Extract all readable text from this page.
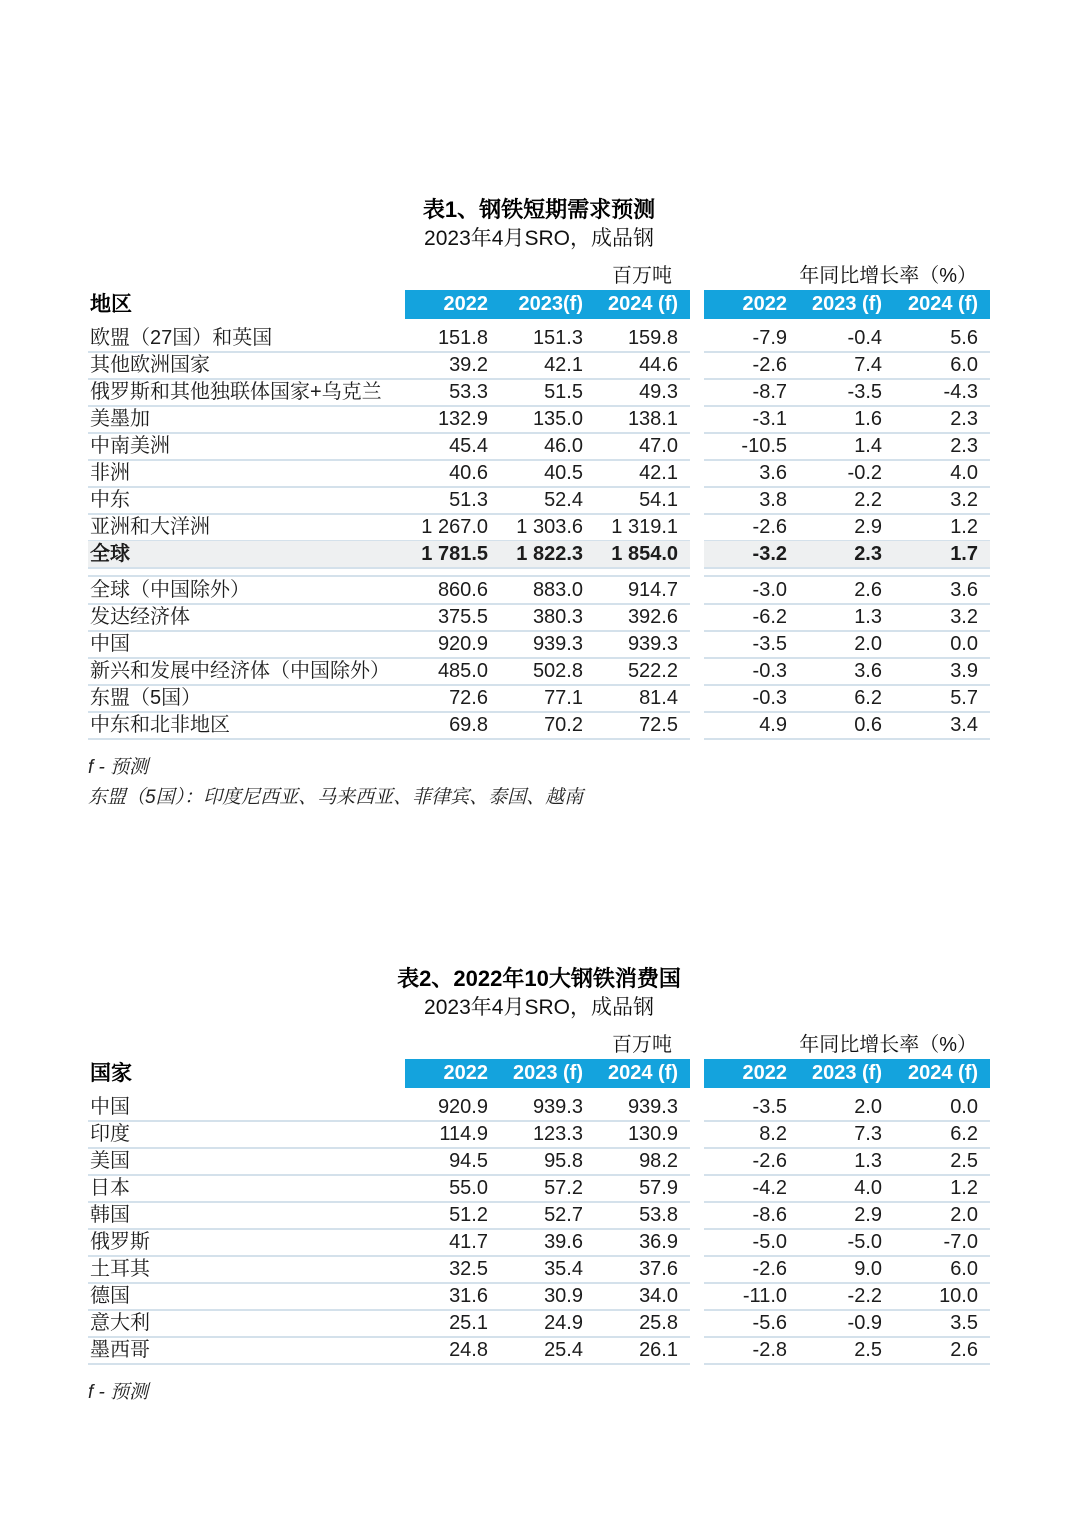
表1、钢铁短期需求预测
2023年4月SRO，成品钢
百万吨	年同比增长率（%）
地区	2022	2023(f)	2024 (f)	2022	2023 (f)	2024 (f)
欧盟（27国）和英国	151.8	151.3	159.8	-7.9	-0.4	5.6
其他欧洲国家	39.2	42.1	44.6	-2.6	7.4	6.0
俄罗斯和其他独联体国家+乌克兰	53.3	51.5	49.3	-8.7	-3.5	-4.3
美墨加	132.9	135.0	138.1	-3.1	1.6	2.3
中南美洲	45.4	46.0	47.0	-10.5	1.4	2.3
非洲	40.6	40.5	42.1	3.6	-0.2	4.0
中东	51.3	52.4	54.1	3.8	2.2	3.2
亚洲和大洋洲	1 267.0	1 303.6	1 319.1	-2.6	2.9	1.2
全球	1 781.5	1 822.3	1 854.0	-3.2	2.3	1.7
全球（中国除外）	860.6	883.0	914.7	-3.0	2.6	3.6
发达经济体	375.5	380.3	392.6	-6.2	1.3	3.2
中国	920.9	939.3	939.3	-3.5	2.0	0.0
新兴和发展中经济体（中国除外）	485.0	502.8	522.2	-0.3	3.6	3.9
东盟（5国）	72.6	77.1	81.4	-0.3	6.2	5.7
中东和北非地区	69.8	70.2	72.5	4.9	0.6	3.4
f - 预测
东盟（5国）：印度尼西亚、马来西亚、菲律宾、泰国、越南
表2、2022年10大钢铁消费国
2023年4月SRO，成品钢
百万吨	年同比增长率（%）
国家	2022	2023 (f)	2024 (f)	2022	2023 (f)	2024 (f)
中国	920.9	939.3	939.3	-3.5	2.0	0.0
印度	114.9	123.3	130.9	8.2	7.3	6.2
美国	94.5	95.8	98.2	-2.6	1.3	2.5
日本	55.0	57.2	57.9	-4.2	4.0	1.2
韩国	51.2	52.7	53.8	-8.6	2.9	2.0
俄罗斯	41.7	39.6	36.9	-5.0	-5.0	-7.0
土耳其	32.5	35.4	37.6	-2.6	9.0	6.0
德国	31.6	30.9	34.0	-11.0	-2.2	10.0
意大利	25.1	24.9	25.8	-5.6	-0.9	3.5
墨西哥	24.8	25.4	26.1	-2.8	2.5	2.6
f - 预测
